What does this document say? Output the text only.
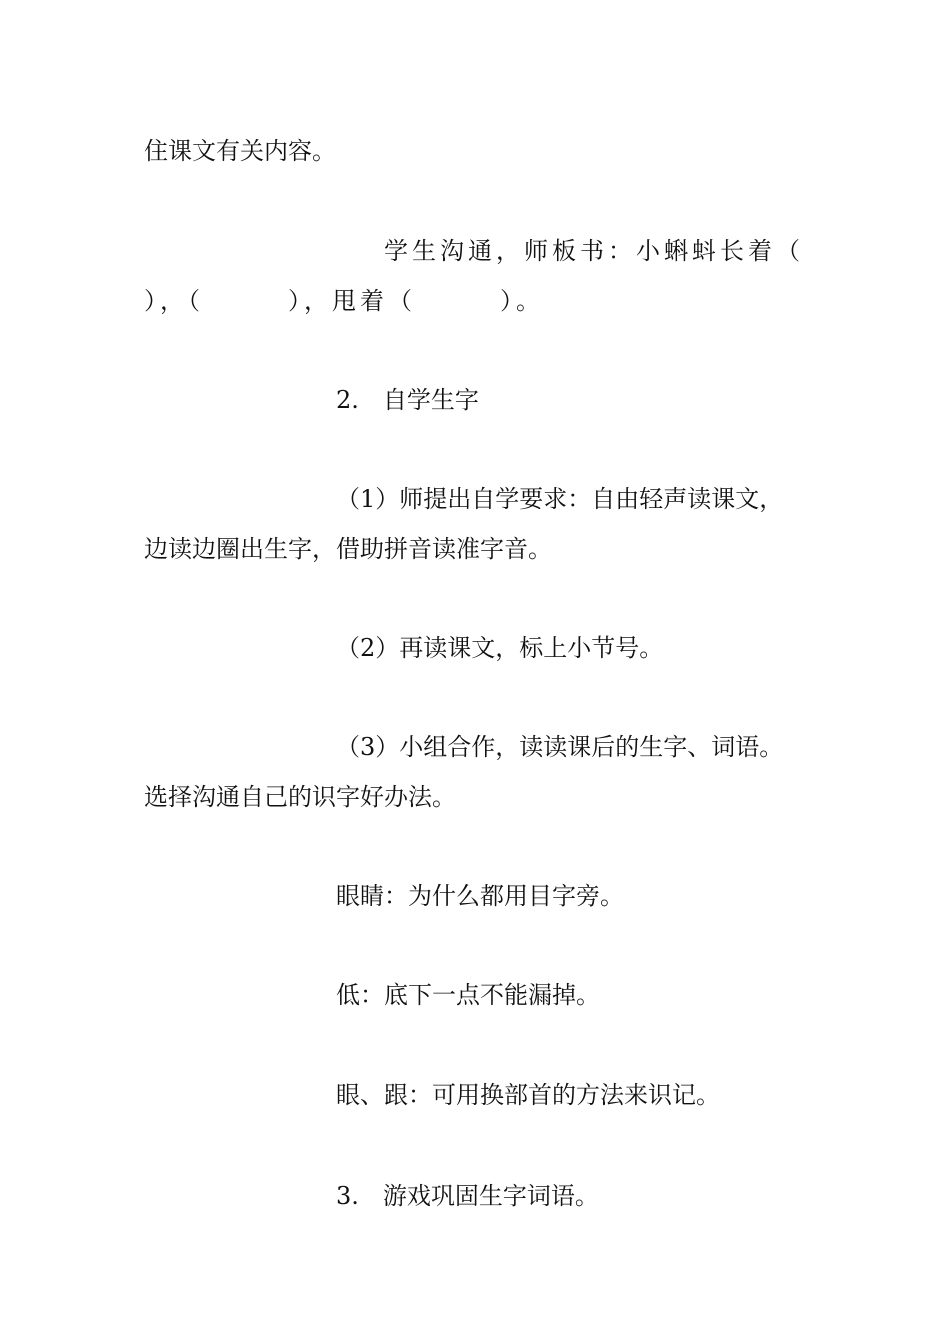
住课文有关内容。
学生沟通，师板书：小蝌蚪长着（
），（　　　），甩着（　　　）。
2.　自学生字
（1）师提出自学要求：自由轻声读课文，
边读边圈出生字，借助拼音读准字音。
（2）再读课文，标上小节号。
（3）小组合作，读读课后的生字、词语。
选择沟通自己的识字好办法。
眼睛：为什么都用目字旁。
低：底下一点不能漏掉。
眼、跟：可用换部首的方法来识记。
3.　游戏巩固生字词语。
